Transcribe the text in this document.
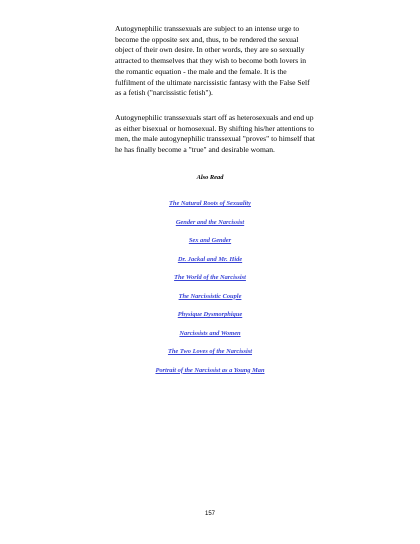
Autogynephilic transsexuals are subject to an intense urge to become the opposite sex and, thus, to be rendered the sexual object of their own desire. In other words, they are so sexually attracted to themselves that they wish to become both lovers in the romantic equation - the male and the female. It is the fulfilment of the ultimate narcissistic fantasy with the False Self as a fetish ("narcissistic fetish").

Autogynephilic transsexuals start off as heterosexuals and end up as either bisexual or homosexual. By shifting his/her attentions to men, the male autogynephilic transsexual "proves" to himself that he has finally become a "true" and desirable woman.

Also Read

The Natural Roots of Sexuality
Gender and the Narcissist
Sex and Gender
Dr. Jackal and Mr. Hide
The World of the Narcissist
The Narcissistic Couple
Physique Dysmorphique
Narcissists and Women
The Two Loves of the Narcissist
Portrait of the Narcissist as a Young Man

157
